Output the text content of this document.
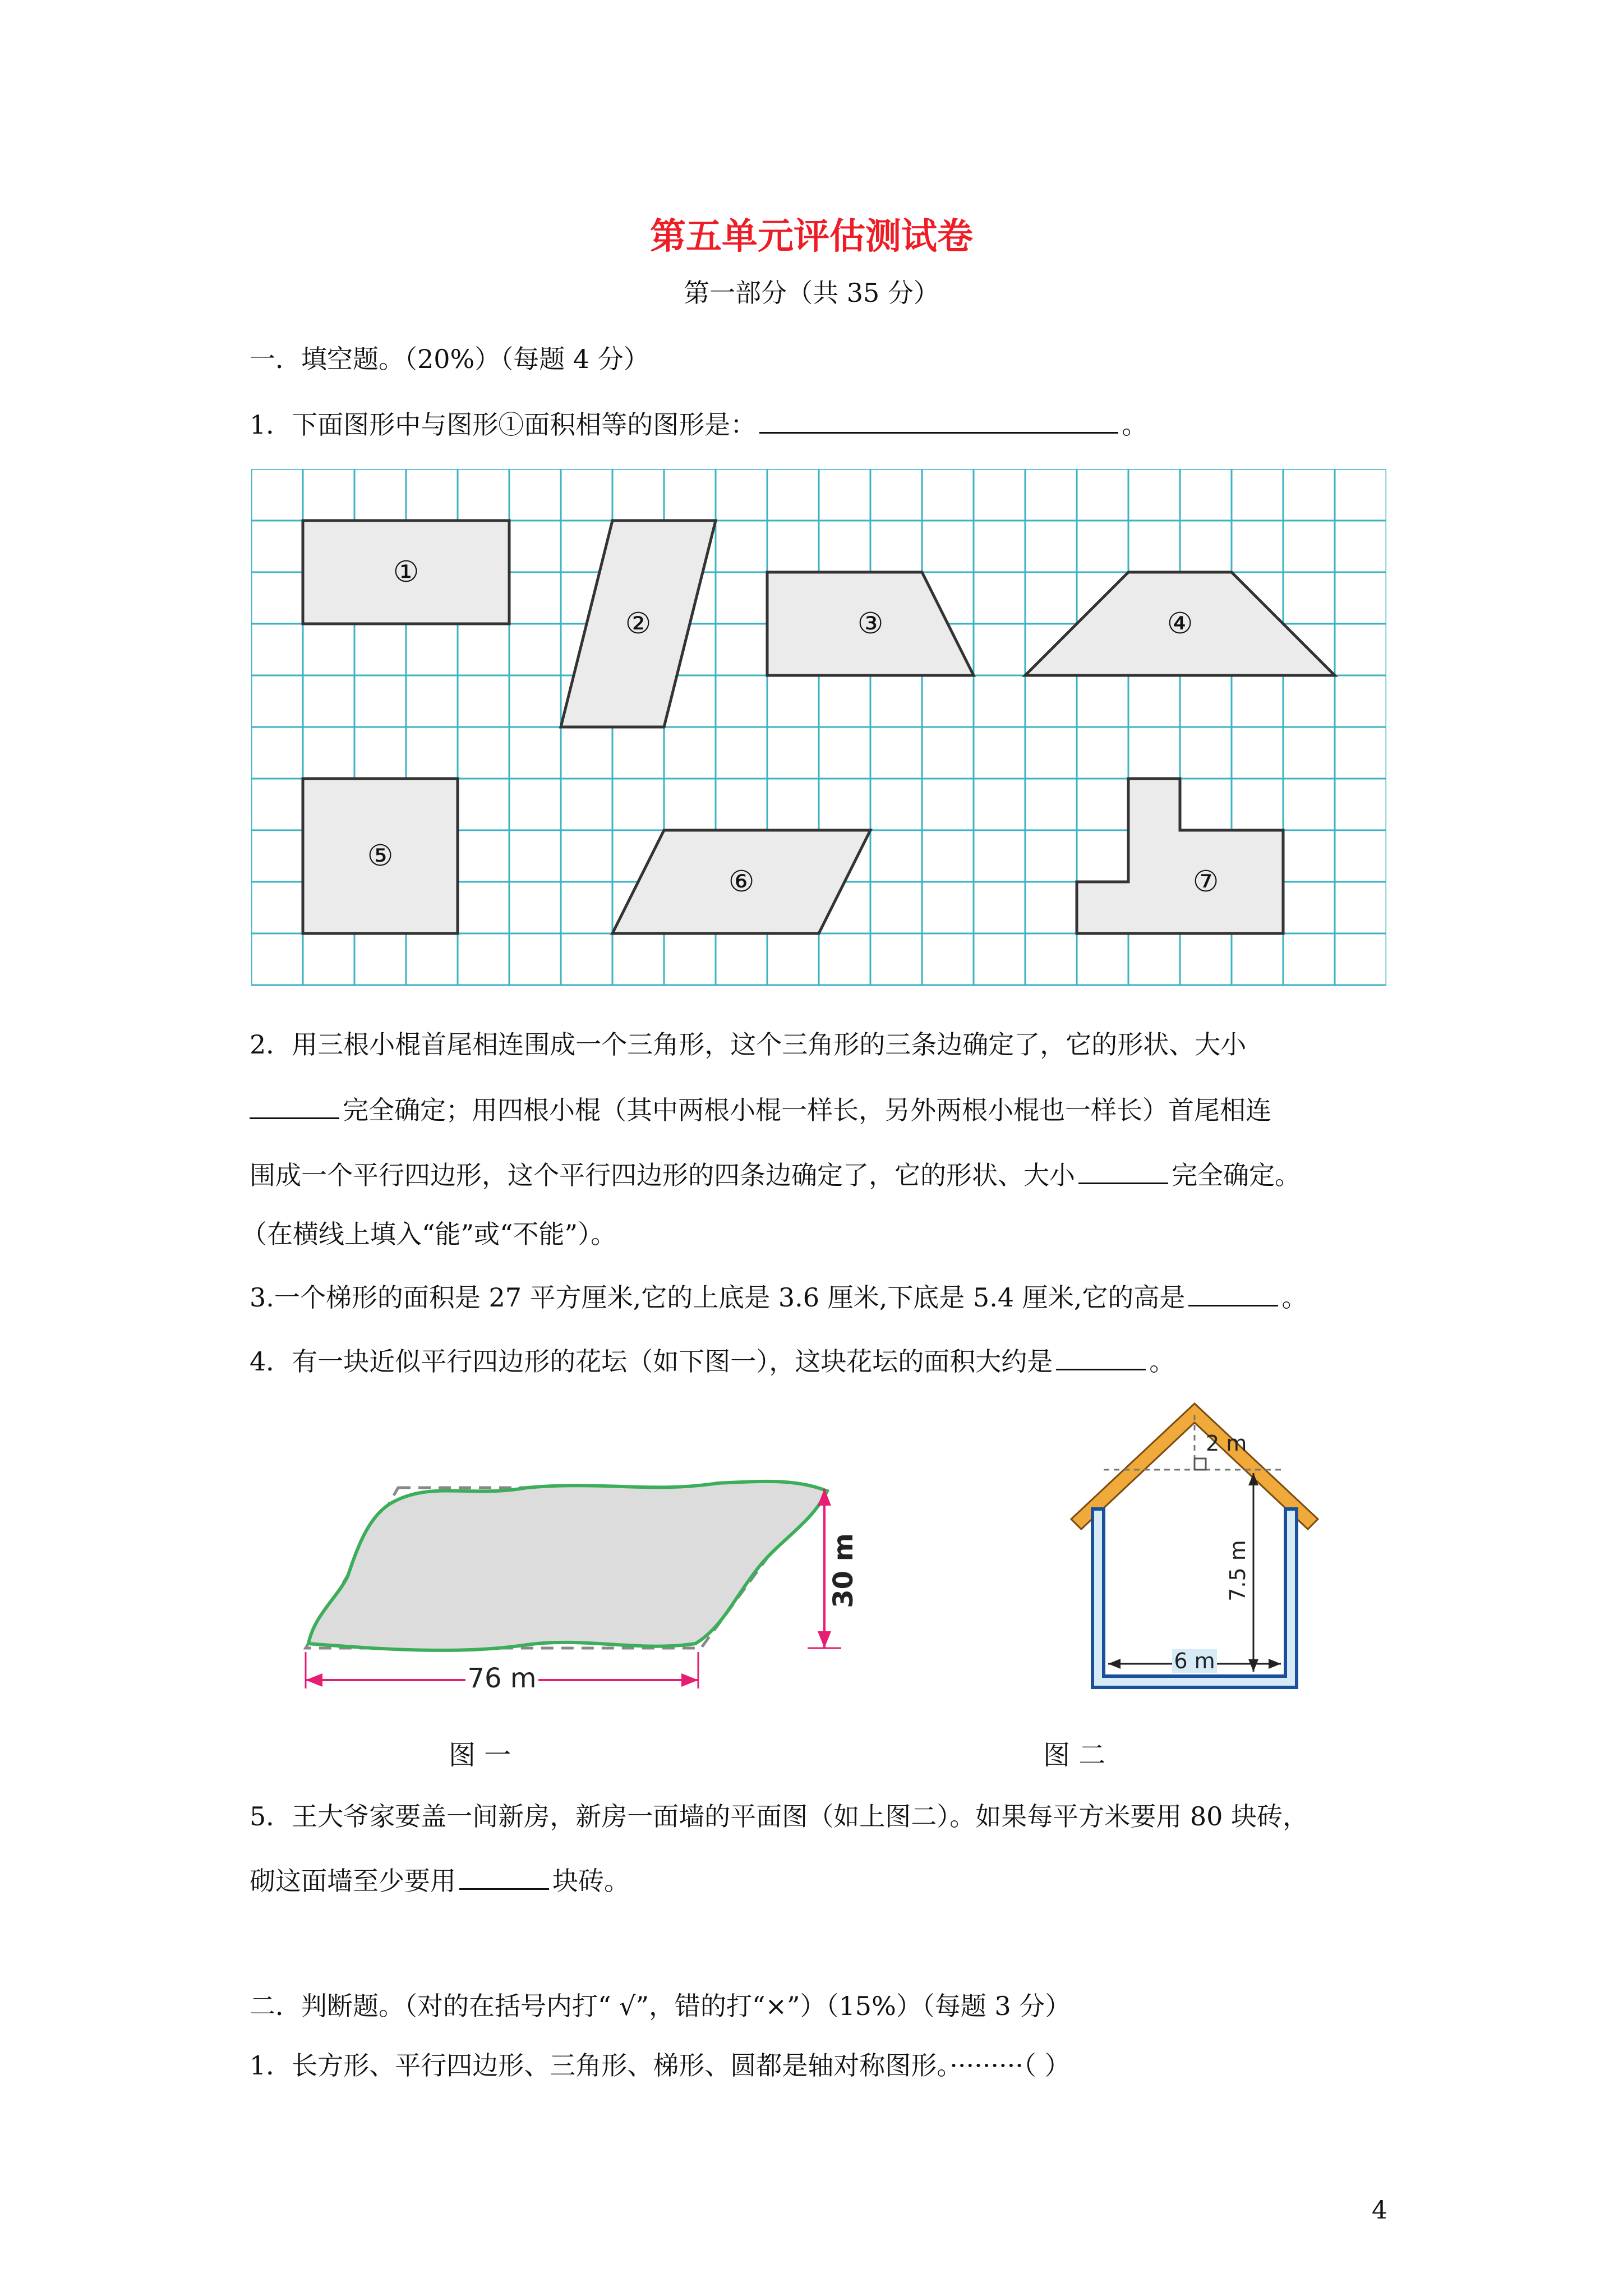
第五单元评估测试卷
第一部分（共 35 分）
一．填空题。（20%）（每题 4 分）
1．下面图形中与图形①面积相等的图形是：	。
①
②	③	④
⑤
⑥	⑦
2．用三根小棍首尾相连围成一个三角形，这个三角形的三条边确定了，它的形状、大小
完全确定；用四根小棍（其中两根小棍一样长，另外两根小棍也一样长）首尾相连
围成一个平行四边形，这个平行四边形的四条边确定了，它的形状、大小	完全确定。
（在横线上填入“能”或“不能”）。
3.一个梯形的面积是 27 平方厘米,它的上底是 3.6 厘米,下底是 5.4 厘米,它的高是	。
4．有一块近似平行四边形的花坛（如下图一），这块花坛的面积大约是	。
30 m
76 m
2 m
7.5 m
6 m
图 一	图 二
5．王大爷家要盖一间新房，新房一面墙的平面图（如上图二）。如果每平方米要用 80 块砖，
砌这面墙至少要用	块砖。
二．判断题。（对的在括号内打“ √”，错的打“×”）（15%）（每题 3 分）
1．长方形、平行四边形、三角形、梯形、圆都是轴对称图形。·········（ ）
4
